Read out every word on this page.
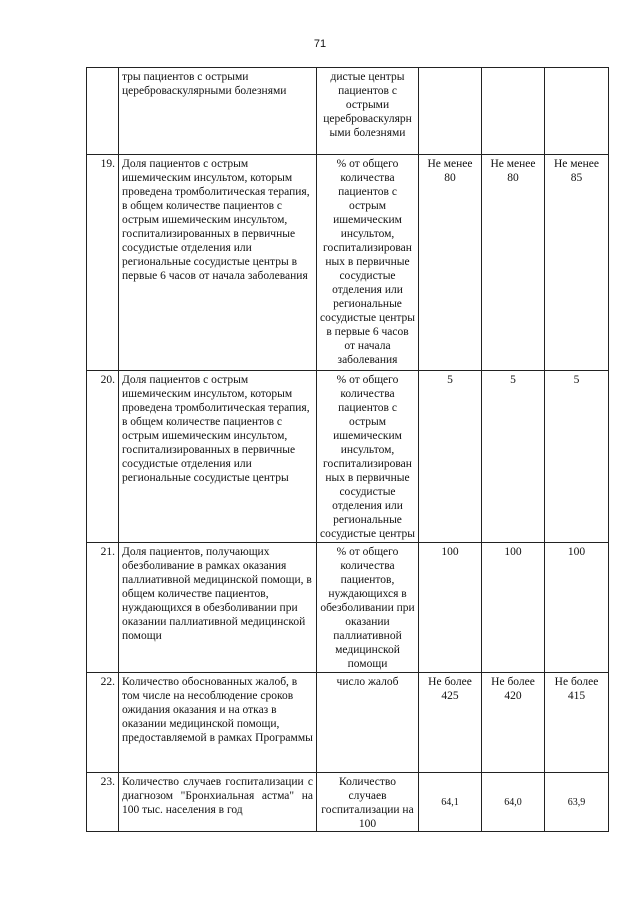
71
	тры пациентов с острыми цереброваскулярными болезнями	дистые центры пациентов с острыми цереброваскулярными болезнями			
19.	Доля пациентов с острым ишемическим инсультом, которым проведена тромболитическая терапия, в общем количестве пациентов с острым ишемическим инсультом, госпитализированных в первичные сосудистые отделения или региональные сосудистые центры в первые 6 часов от начала заболевания	% от общего количества пациентов с острым ишемическим инсультом, госпитализированных в первичные сосудистые отделения или региональные сосудистые центры в первые 6 часов от начала заболевания	Не менее 80	Не менее 80	Не менее 85
20.	Доля пациентов с острым ишемическим инсультом, которым проведена тромболитическая терапия, в общем количестве пациентов с острым ишемическим инсультом, госпитализированных в первичные сосудистые отделения или региональные сосудистые центры	% от общего количества пациентов с острым ишемическим инсультом, госпитализированных в первичные сосудистые отделения или региональные сосудистые центры	5	5	5
21.	Доля пациентов, получающих обезболивание в рамках оказания паллиативной медицинской помощи, в общем количестве пациентов, нуждающихся в обезболивании при оказании паллиативной медицинской помощи	% от общего количества пациентов, нуждающихся в обезболивании при оказании паллиативной медицинской помощи	100	100	100
22.	Количество обоснованных жалоб, в том числе на несоблюдение сроков ожидания оказания и на отказ в оказании медицинской помощи, предоставляемой в рамках Программы	число жалоб	Не более 425	Не более 420	Не более 415
23.	Количество случаев госпитализации с диагнозом "Бронхиальная астма" на 100 тыс. населения в год	Количество случаев госпитализации на 100	64,1	64,0	63,9
